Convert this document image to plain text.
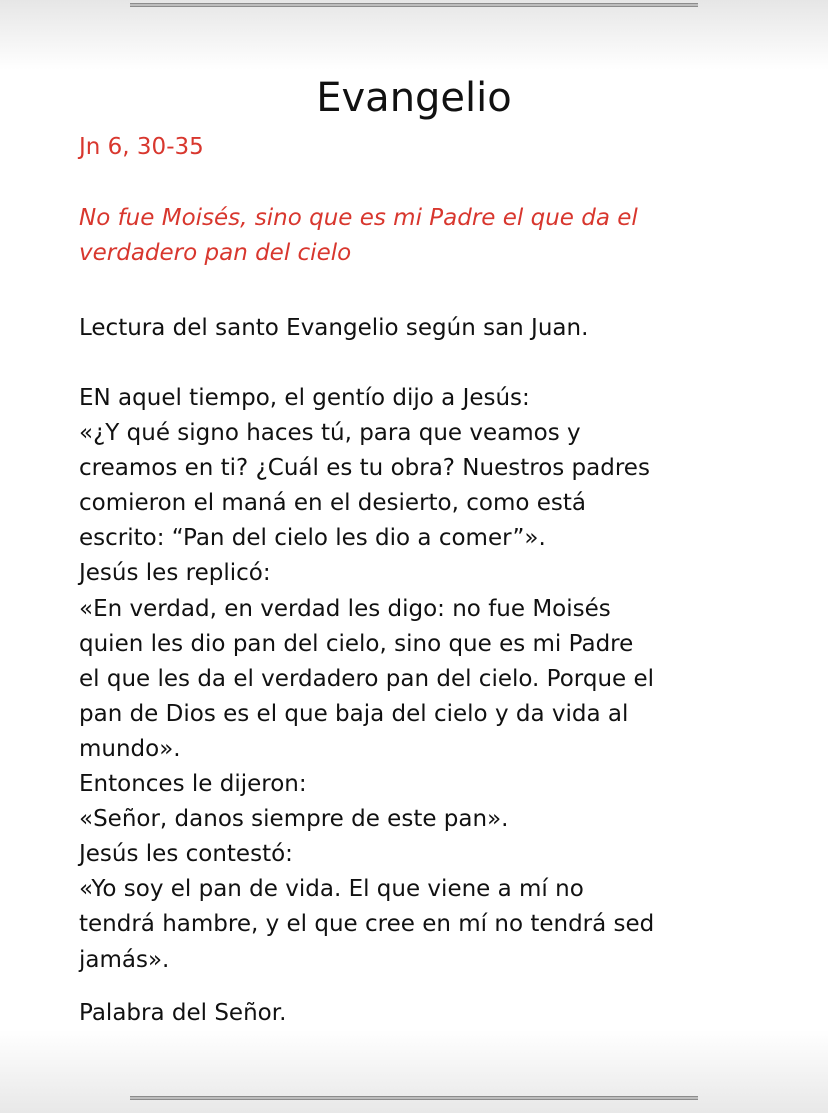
Evangelio

Jn 6, 30-35

No fue Moisés, sino que es mi Padre el que da el
verdadero pan del cielo

Lectura del santo Evangelio según san Juan.

EN aquel tiempo, el gentío dijo a Jesús:
«¿Y qué signo haces tú, para que veamos y
creamos en ti? ¿Cuál es tu obra? Nuestros padres
comieron el maná en el desierto, como está
escrito: “Pan del cielo les dio a comer”».
Jesús les replicó:
«En verdad, en verdad les digo: no fue Moisés
quien les dio pan del cielo, sino que es mi Padre
el que les da el verdadero pan del cielo. Porque el
pan de Dios es el que baja del cielo y da vida al
mundo».
Entonces le dijeron:
«Señor, danos siempre de este pan».
Jesús les contestó:
«Yo soy el pan de vida. El que viene a mí no
tendrá hambre, y el que cree en mí no tendrá sed
jamás».

Palabra del Señor.
